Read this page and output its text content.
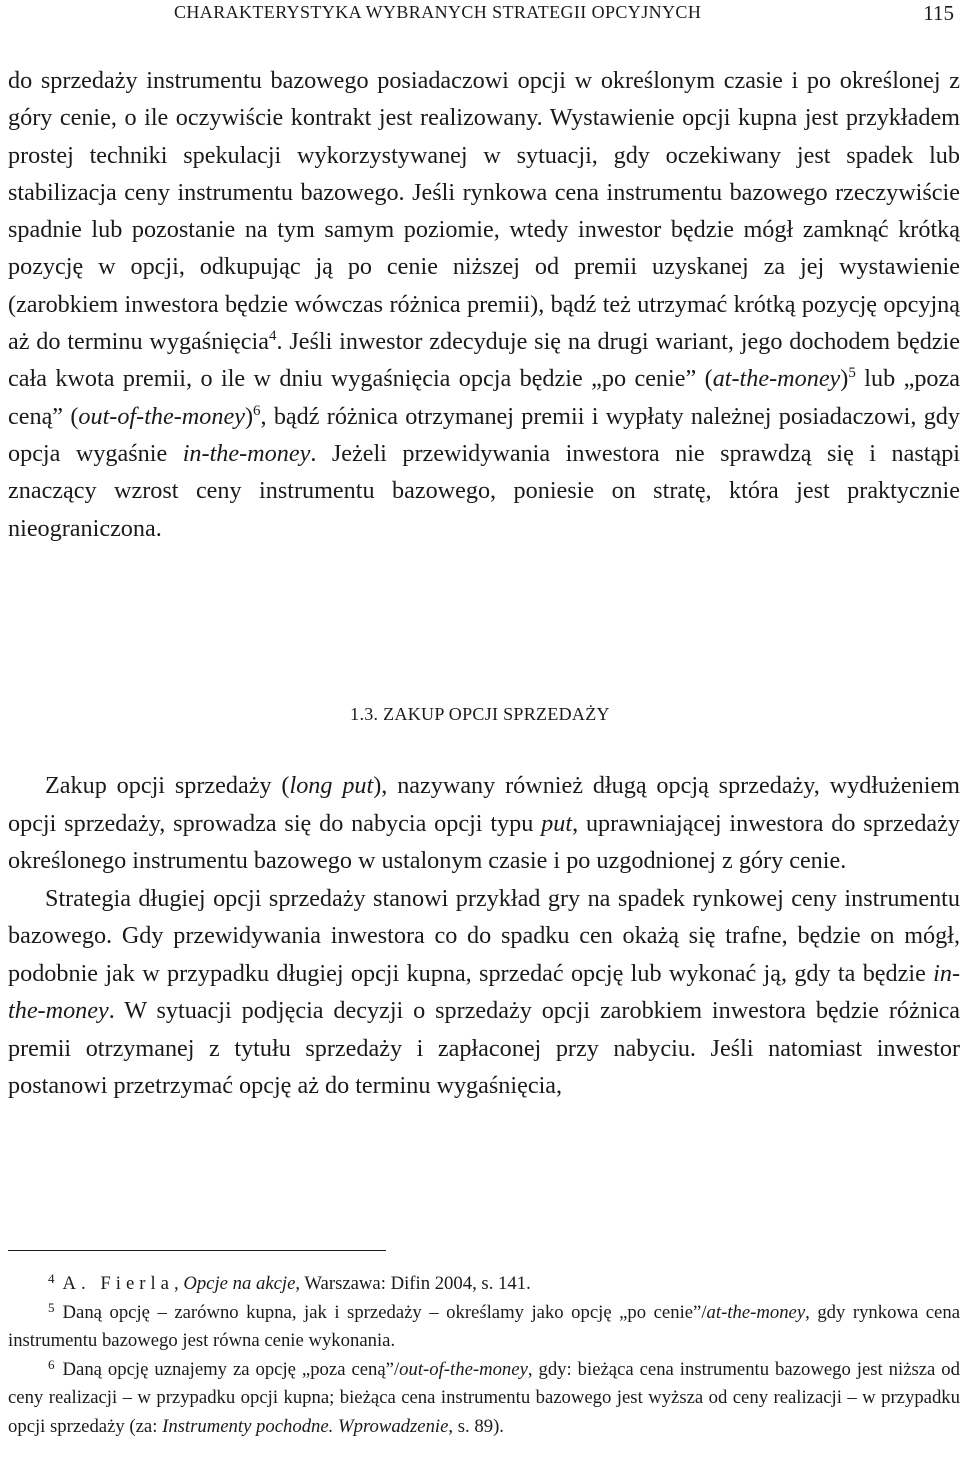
CHARAKTERYSTYKA WYBRANYCH STRATEGII OPCYJNYCH	115

do sprzedaży instrumentu bazowego posiadaczowi opcji w określonym czasie i po określonej z góry cenie, o ile oczywiście kontrakt jest realizowany. Wystawienie opcji kupna jest przykładem prostej techniki spekulacji wykorzystywanej w sytuacji, gdy oczekiwany jest spadek lub stabilizacja ceny instrumentu bazowego. Jeśli rynkowa cena instrumentu bazowego rzeczywiście spadnie lub pozostanie na tym samym poziomie, wtedy inwestor będzie mógł zamknąć krótką pozycję w opcji, odkupując ją po cenie niższej od premii uzyskanej za jej wystawienie (zarobkiem inwestora będzie wówczas różnica premii), bądź też utrzymać krótką pozycję opcyjną aż do terminu wygaśnięcia$^4$. Jeśli inwestor zdecyduje się na drugi wariant, jego dochodem będzie cała kwota premii, o ile w dniu wygaśnięcia opcja będzie „po cenie” (at-the-money)$^5$ lub „poza ceną” (out-of-the-money)$^6$, bądź różnica otrzymanej premii i wypłaty należnej posiadaczowi, gdy opcja wygaśnie in-the-money. Jeżeli przewidywania inwestora nie sprawdzą się i nastąpi znaczący wzrost ceny instrumentu bazowego, poniesie on stratę, która jest praktycznie nieograniczona.

1.3. ZAKUP OPCJI SPRZEDAŻY

Zakup opcji sprzedaży (long put), nazywany również długą opcją sprzedaży, wydłużeniem opcji sprzedaży, sprowadza się do nabycia opcji typu put, uprawniającej inwestora do sprzedaży określonego instrumentu bazowego w ustalonym czasie i po uzgodnionej z góry cenie.

Strategia długiej opcji sprzedaży stanowi przykład gry na spadek rynkowej ceny instrumentu bazowego. Gdy przewidywania inwestora co do spadku cen okażą się trafne, będzie on mógł, podobnie jak w przypadku długiej opcji kupna, sprzedać opcję lub wykonać ją, gdy ta będzie in-the-money. W sytuacji podjęcia decyzji o sprzedaży opcji zarobkiem inwestora będzie różnica premii otrzymanej z tytułu sprzedaży i zapłaconej przy nabyciu. Jeśli natomiast inwestor postanowi przetrzymać opcję aż do terminu wygaśnięcia,

$^4$ A. Fierla, Opcje na akcje, Warszawa: Difin 2004, s. 141.

$^5$ Daną opcję – zarówno kupna, jak i sprzedaży – określamy jako opcję „po cenie”/at-the-money, gdy rynkowa cena instrumentu bazowego jest równa cenie wykonania.

$^6$ Daną opcję uznajemy za opcję „poza ceną”/out-of-the-money, gdy: bieżąca cena instrumentu bazowego jest niższa od ceny realizacji – w przypadku opcji kupna; bieżąca cena instrumentu bazowego jest wyższa od ceny realizacji – w przypadku opcji sprzedaży (za: Instrumenty pochodne. Wprowadzenie, s. 89).
